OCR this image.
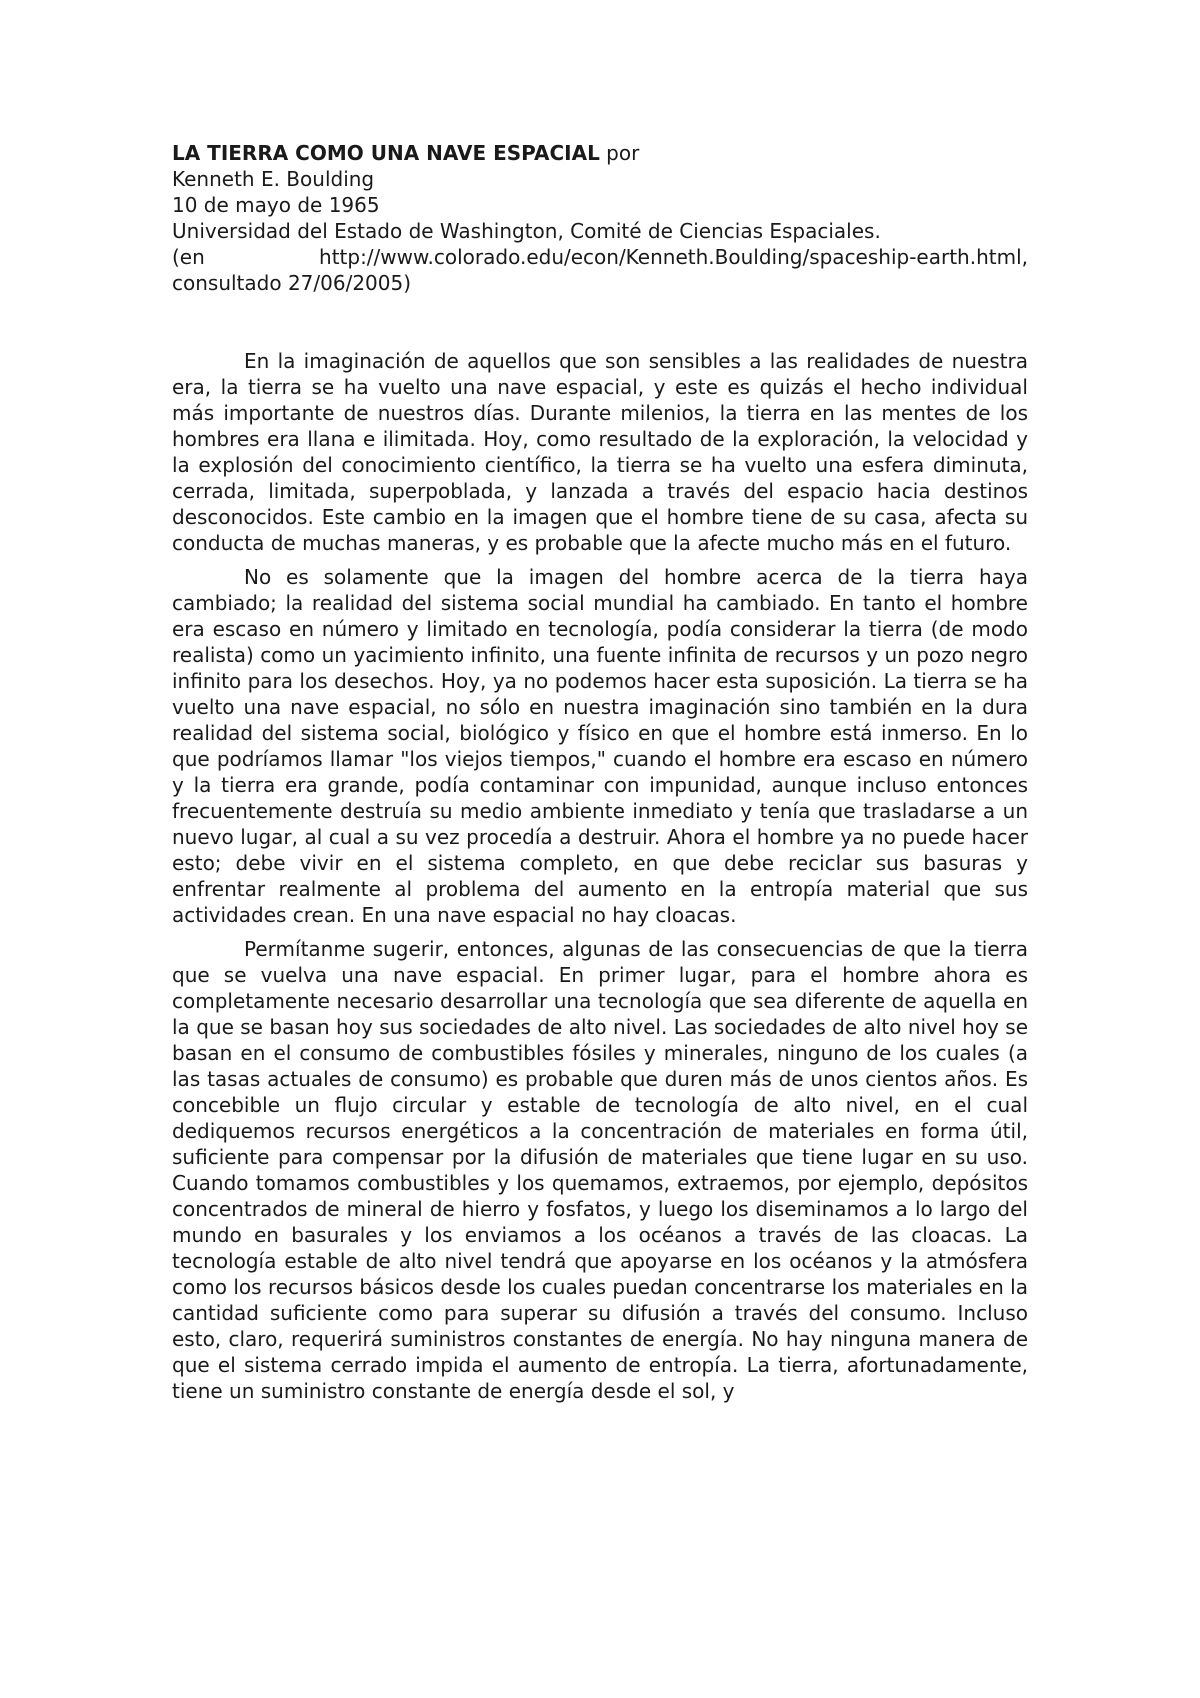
LA TIERRA COMO UNA NAVE ESPACIAL por

Kenneth E. Boulding

10 de mayo de 1965

Universidad del Estado de Washington, Comité de Ciencias Espaciales.

(en	http://www.colorado.edu/econ/Kenneth.Boulding/spaceship-earth.html,

consultado 27/06/2005)

En la imaginación de aquellos que son sensibles a las realidades de nuestra era, la tierra se ha vuelto una nave espacial, y este es quizás el hecho individual más importante de nuestros días. Durante milenios, la tierra en las mentes de los hombres era llana e ilimitada. Hoy, como resultado de la exploración, la velocidad y la explosión del conocimiento científico, la tierra se ha vuelto una esfera diminuta, cerrada, limitada, superpoblada, y lanzada a través del espacio hacia destinos desconocidos. Este cambio en la imagen que el hombre tiene de su casa, afecta su conducta de muchas maneras, y es probable que la afecte mucho más en el futuro.

No es solamente que la imagen del hombre acerca de la tierra haya cambiado; la realidad del sistema social mundial ha cambiado. En tanto el hombre era escaso en número y limitado en tecnología, podía considerar la tierra (de modo realista) como un yacimiento infinito, una fuente infinita de recursos y un pozo negro infinito para los desechos. Hoy, ya no podemos hacer esta suposición. La tierra se ha vuelto una nave espacial, no sólo en nuestra imaginación sino también en la dura realidad del sistema social, biológico y físico en que el hombre está inmerso. En lo que podríamos llamar "los viejos tiempos," cuando el hombre era escaso en número y la tierra era grande, podía contaminar con impunidad, aunque incluso entonces frecuentemente destruía su medio ambiente inmediato y tenía que trasladarse a un nuevo lugar, al cual a su vez procedía a destruir. Ahora el hombre ya no puede hacer esto; debe vivir en el sistema completo, en que debe reciclar sus basuras y enfrentar realmente al problema del aumento en la entropía material que sus actividades crean. En una nave espacial no hay cloacas.

Permítanme sugerir, entonces, algunas de las consecuencias de que la tierra que se vuelva una nave espacial. En primer lugar, para el hombre ahora es completamente necesario desarrollar una tecnología que sea diferente de aquella en la que se basan hoy sus sociedades de alto nivel. Las sociedades de alto nivel hoy se basan en el consumo de combustibles fósiles y minerales, ninguno de los cuales (a las tasas actuales de consumo) es probable que duren más de unos cientos años. Es concebible un flujo circular y estable de tecnología de alto nivel, en el cual dediquemos recursos energéticos a la concentración de materiales en forma útil, suficiente para compensar por la difusión de materiales que tiene lugar en su uso. Cuando tomamos combustibles y los quemamos, extraemos, por ejemplo, depósitos concentrados de mineral de hierro y fosfatos, y luego los diseminamos a lo largo del mundo en basurales y los enviamos a los océanos a través de las cloacas. La tecnología estable de alto nivel tendrá que apoyarse en los océanos y la atmósfera como los recursos básicos desde los cuales puedan concentrarse los materiales en la cantidad suficiente como para superar su difusión a través del consumo. Incluso esto, claro, requerirá suministros constantes de energía. No hay ninguna manera de que el sistema cerrado impida el aumento de entropía. La tierra, afortunadamente, tiene un suministro constante de energía desde el sol, y
